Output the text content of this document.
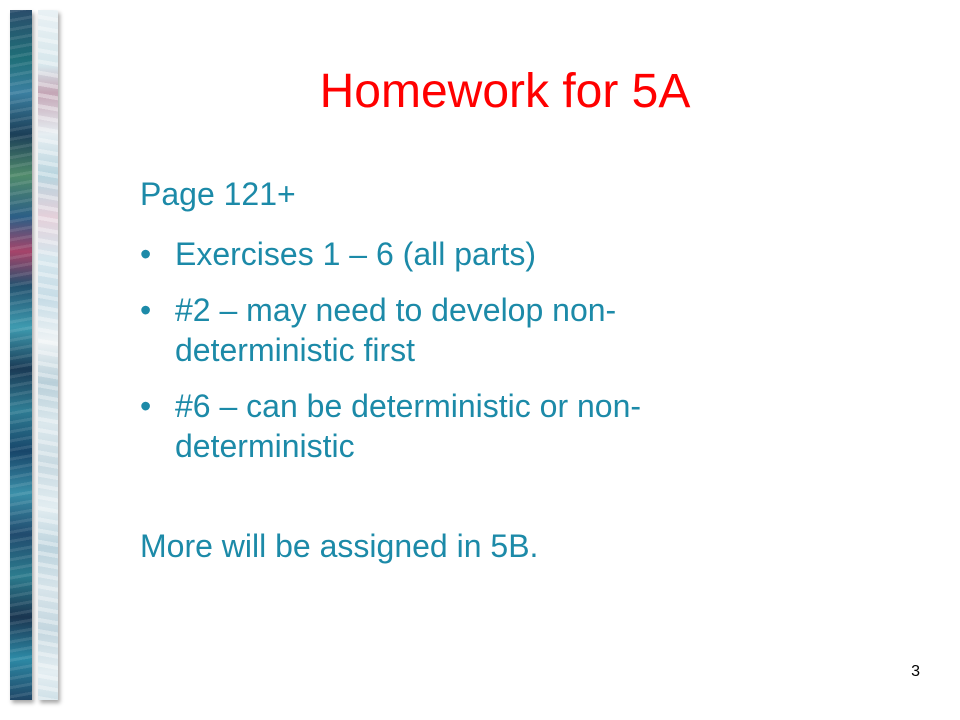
Homework for 5A

Page 121+

• Exercises 1 – 6 (all parts)
• #2 – may need to develop non-
deterministic first
• #6 – can be deterministic or non-
deterministic

More will be assigned in 5B.

3
